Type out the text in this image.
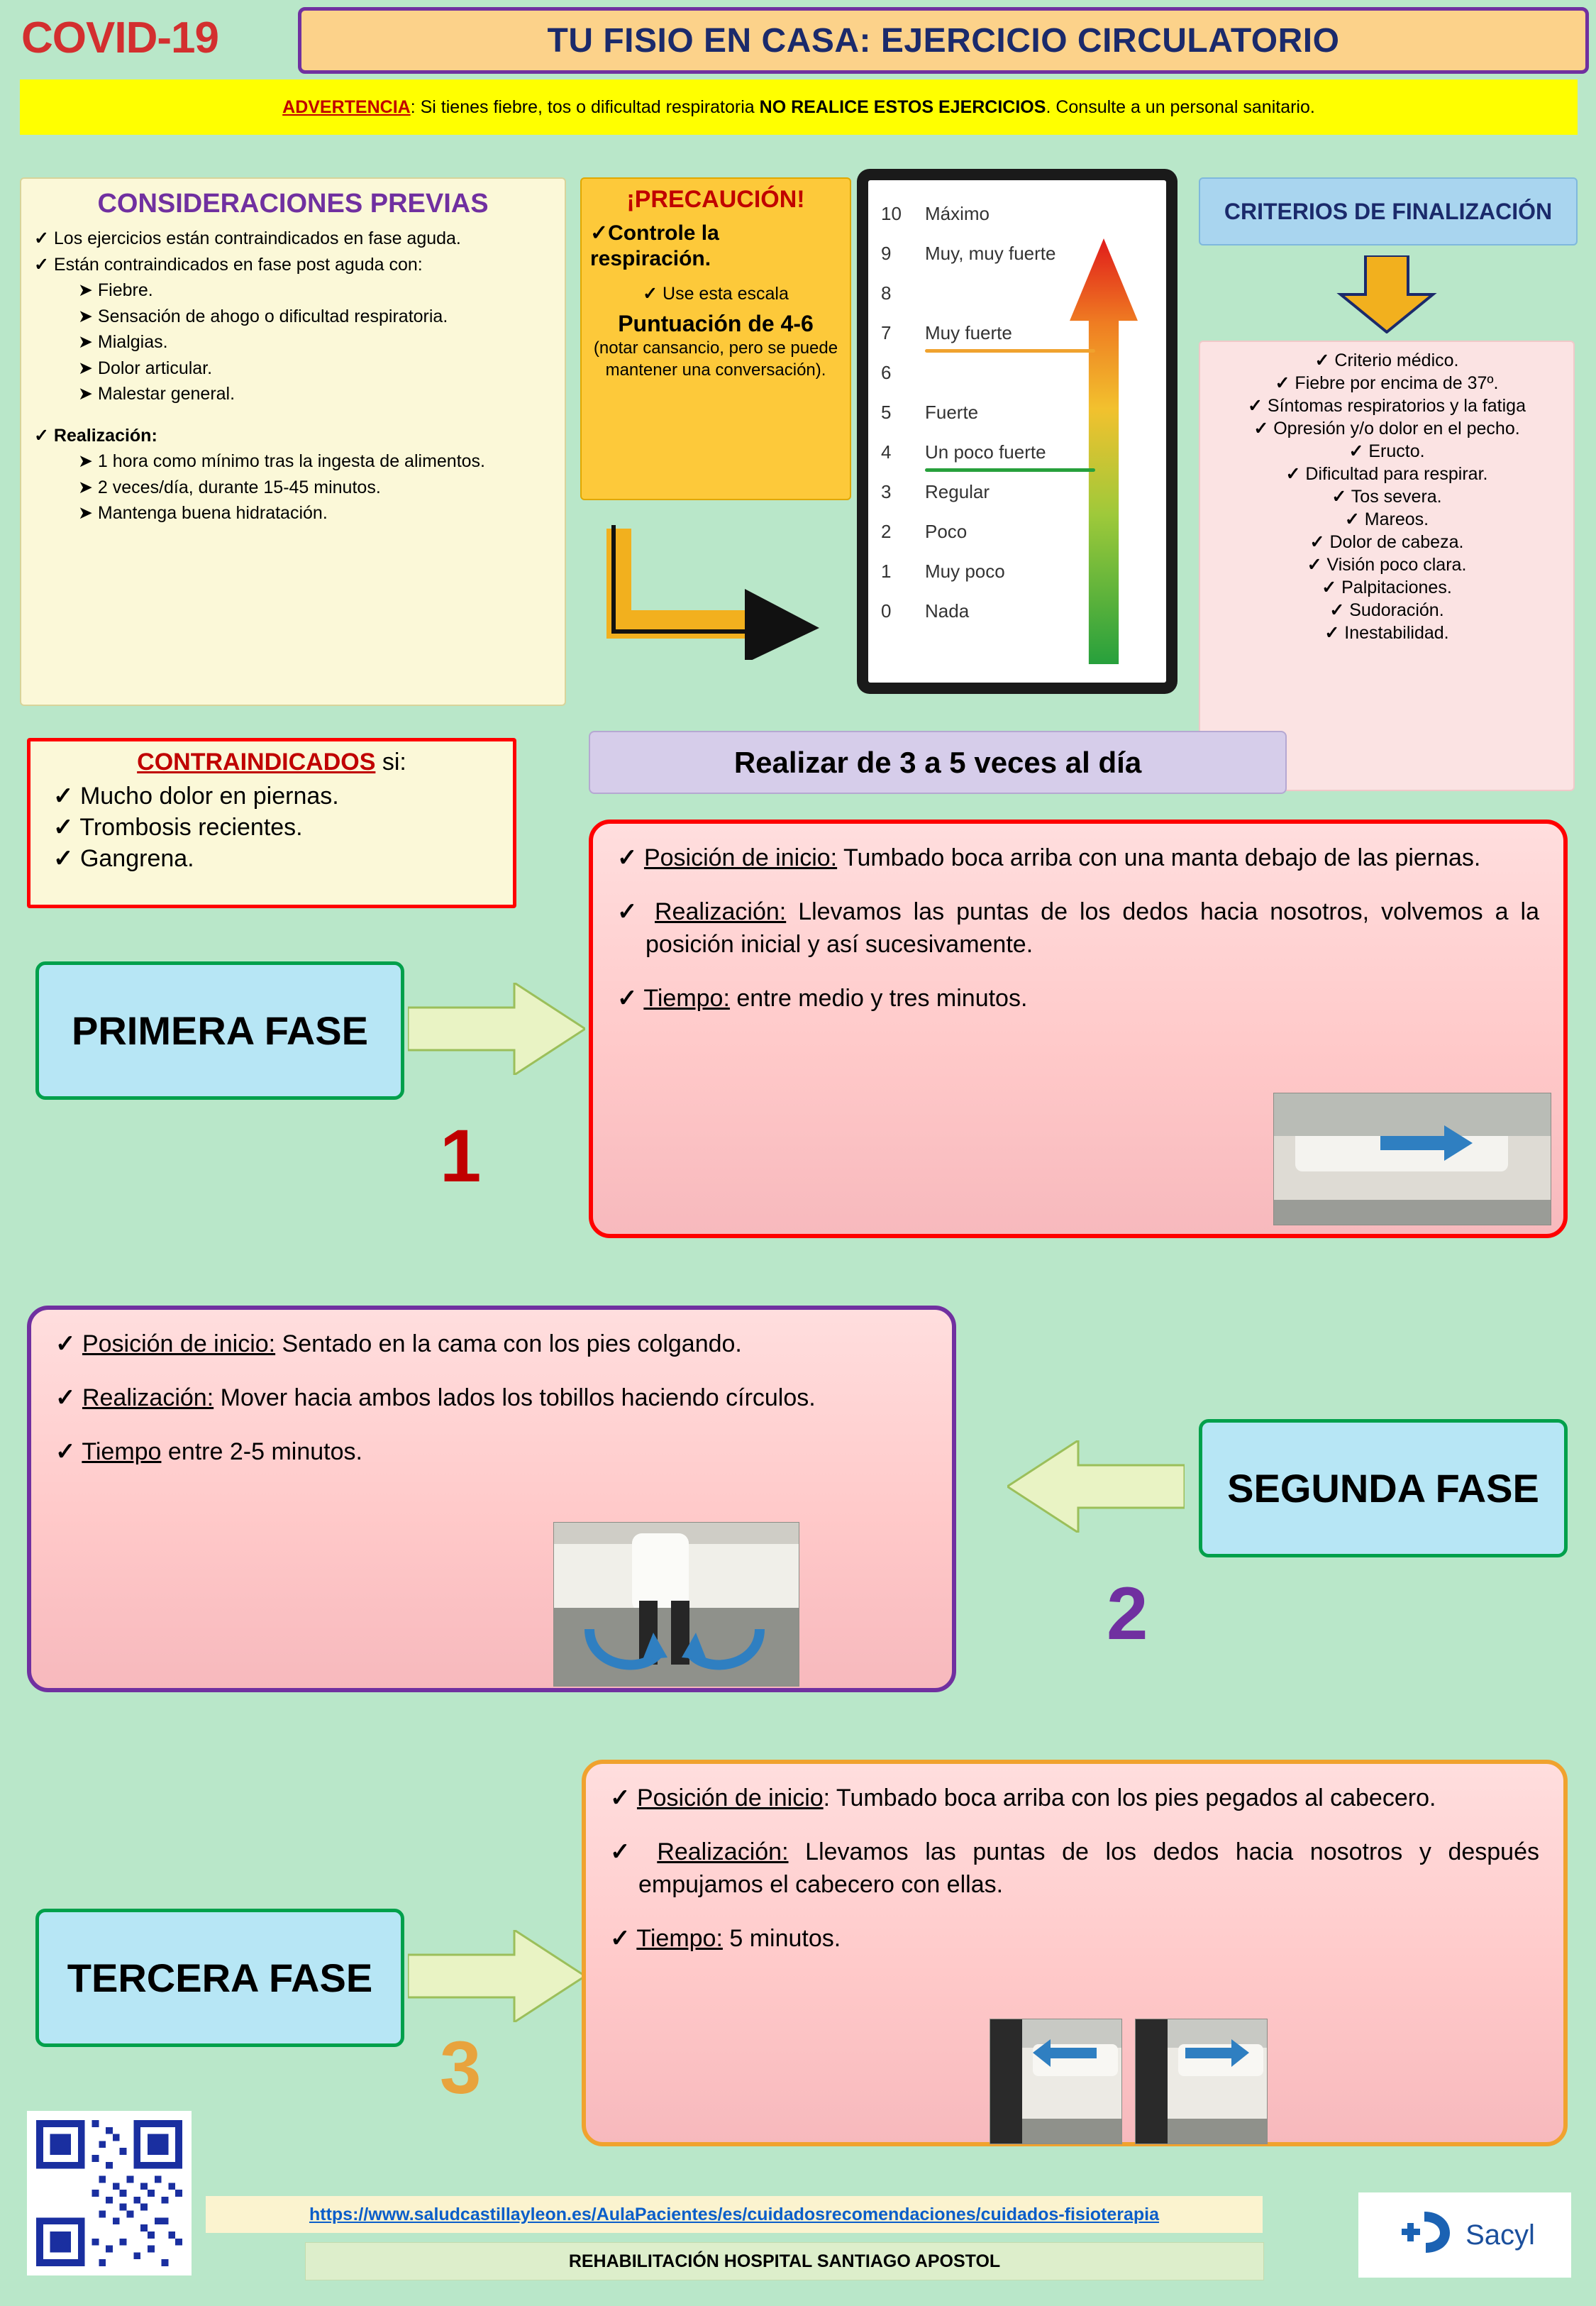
COVID-19	TU FISIO EN CASA: EJERCICIO CIRCULATORIO

ADVERTENCIA: Si tienes fiebre, tos o dificultad respiratoria NO REALICE ESTOS EJERCICIOS. Consulte a un personal sanitario.

CONSIDERACIONES PREVIAS
✓ Los ejercicios están contraindicados en fase aguda.
✓ Están contraindicados en fase post aguda con:
➤ Fiebre.
➤ Sensación de ahogo o dificultad respiratoria.
➤ Mialgias.
➤ Dolor articular.
➤ Malestar general.
✓ Realización:
➤ 1 hora como mínimo tras la ingesta de alimentos.
➤ 2 veces/día, durante 15-45 minutos.
➤ Mantenga buena hidratación.
¡PRECAUCIÓN!
✓Controle la respiración.
✓ Use esta escala
Puntuación de 4-6
(notar cansancio, pero se puede mantener una conversación).
10 Máximo
9	Muy, muy fuerte
8
7	Muy fuerte
6
5	Fuerte
4	Un poco fuerte
3	Regular
2	Poco
1	Muy poco
0	Nada
CRITERIOS DE FINALIZACIÓN
✓ Criterio médico.
✓ Fiebre por encima de 37º.
✓ Síntomas respiratorios y la fatiga
✓ Opresión y/o dolor en el pecho.
✓ Eructo.
✓ Dificultad para respirar.
✓ Tos severa.
✓ Mareos.
✓ Dolor de cabeza.
✓ Visión poco clara.
✓ Palpitaciones.
✓ Sudoración.
✓ Inestabilidad.
CONTRAINDICADOS si:
✓ Mucho dolor en piernas.
✓ Trombosis recientes.
✓ Gangrena.
Realizar de 3 a 5 veces al día
PRIMERA FASE
1
✓ Posición de inicio: Tumbado boca arriba con una manta debajo de las piernas.
✓ Realización: Llevamos las puntas de los dedos hacia nosotros, volvemos a la posición inicial y así sucesivamente.
✓ Tiempo: entre medio y tres minutos.
SEGUNDA FASE
2
✓ Posición de inicio: Sentado en la cama con los pies colgando.
✓ Realización: Mover hacia ambos lados los tobillos haciendo círculos.
✓ Tiempo entre 2-5 minutos.
TERCERA FASE
3
✓ Posición de inicio: Tumbado boca arriba con los pies pegados al cabecero.
✓ Realización: Llevamos las puntas de los dedos hacia nosotros y después empujamos el cabecero con ellas.
✓ Tiempo: 5 minutos.
https://www.saludcastillayleon.es/AulaPacientes/es/cuidadosrecomendaciones/cuidados-fisioterapia
REHABILITACIÓN HOSPITAL SANTIAGO APOSTOL
Sacyl
